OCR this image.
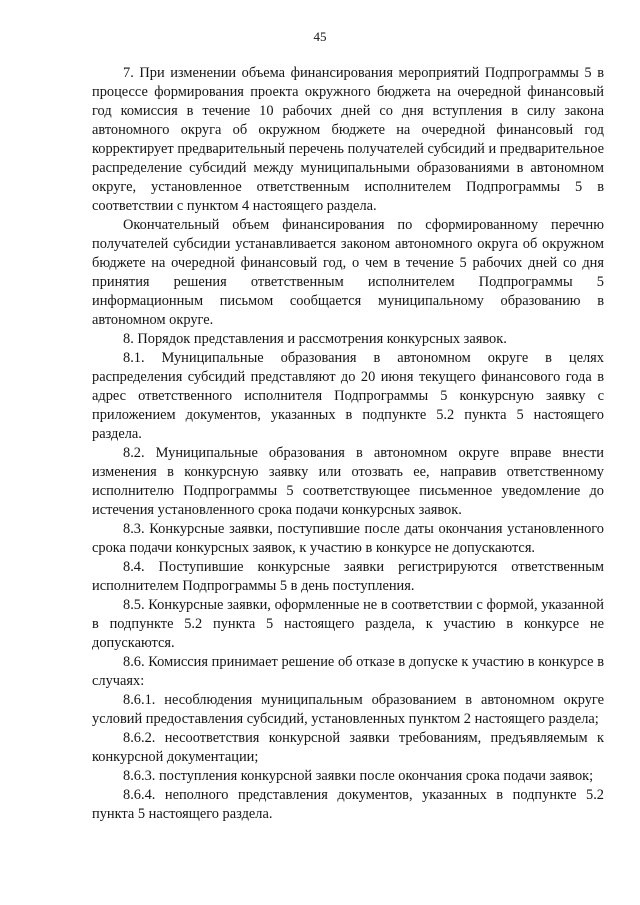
45

7. При изменении объема финансирования мероприятий Подпрограммы 5 в процессе формирования проекта окружного бюджета на очередной финансовый год комиссия в течение 10 рабочих дней со дня вступления в силу закона автономного округа об окружном бюджете на очередной финансовый год корректирует предварительный перечень получателей субсидий и предварительное распределение субсидий между муниципальными образованиями в автономном округе, установленное ответственным исполнителем Подпрограммы 5 в соответствии с пунктом 4 настоящего раздела.

Окончательный объем финансирования по сформированному перечню получателей субсидии устанавливается законом автономного округа об окружном бюджете на очередной финансовый год, о чем в течение 5 рабочих дней со дня принятия решения ответственным исполнителем Подпрограммы 5 информационным письмом сообщается муниципальному образованию в автономном округе.

8. Порядок представления и рассмотрения конкурсных заявок.

8.1. Муниципальные образования в автономном округе в целях распределения субсидий представляют до 20 июня текущего финансового года в адрес ответственного исполнителя Подпрограммы 5 конкурсную заявку с приложением документов, указанных в подпункте 5.2 пункта 5 настоящего раздела.

8.2. Муниципальные образования в автономном округе вправе внести изменения в конкурсную заявку или отозвать ее, направив ответственному исполнителю Подпрограммы 5 соответствующее письменное уведомление до истечения установленного срока подачи конкурсных заявок.

8.3. Конкурсные заявки, поступившие после даты окончания установленного срока подачи конкурсных заявок, к участию в конкурсе не допускаются.

8.4. Поступившие конкурсные заявки регистрируются ответственным исполнителем Подпрограммы 5 в день поступления.

8.5. Конкурсные заявки, оформленные не в соответствии с формой, указанной в подпункте 5.2 пункта 5 настоящего раздела, к участию в конкурсе не допускаются.

8.6. Комиссия принимает решение об отказе в допуске к участию в конкурсе в случаях:

8.6.1. несоблюдения муниципальным образованием в автономном округе условий предоставления субсидий, установленных пунктом 2 настоящего раздела;

8.6.2. несоответствия конкурсной заявки требованиям, предъявляемым к конкурсной документации;

8.6.3. поступления конкурсной заявки после окончания срока подачи заявок;

8.6.4. неполного представления документов, указанных в подпункте 5.2 пункта 5 настоящего раздела.
